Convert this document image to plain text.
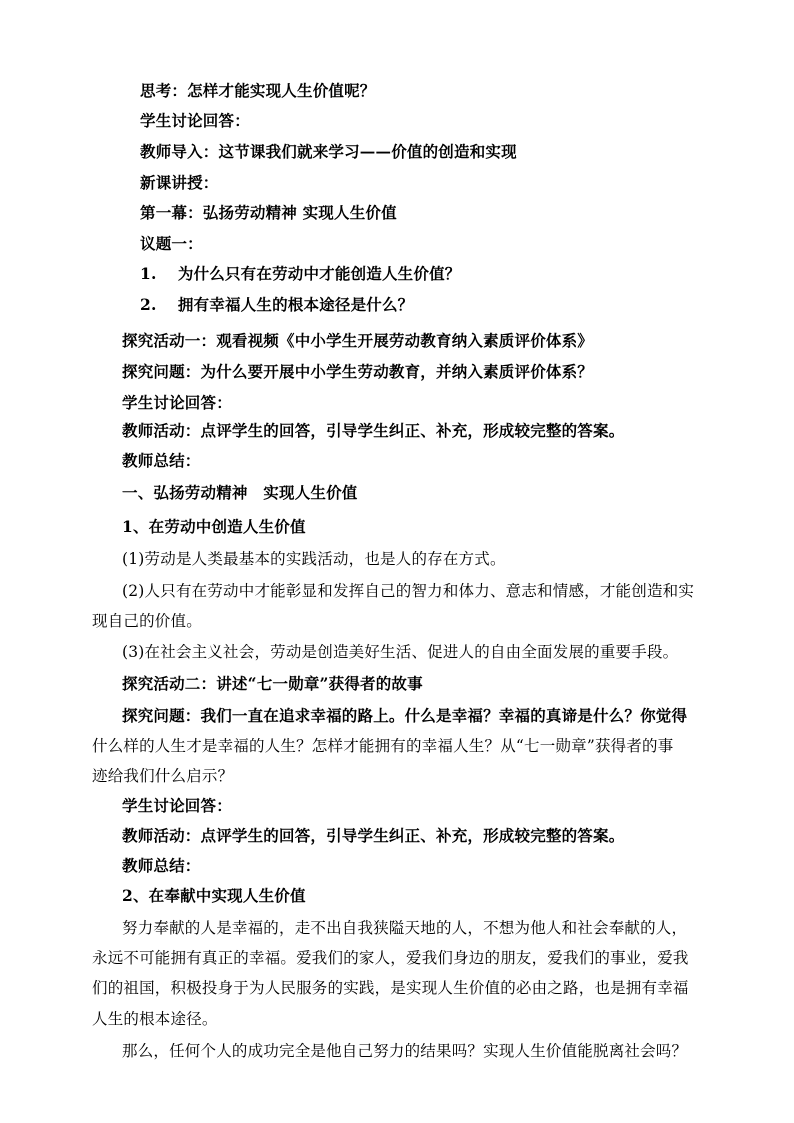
思考：怎样才能实现人生价值呢？
学生讨论回答：
教师导入：这节课我们就来学习——价值的创造和实现
新课讲授：
第一幕：弘扬劳动精神 实现人生价值
议题一：
1.　 为什么只有在劳动中才能创造人生价值？
2.　 拥有幸福人生的根本途径是什么？
探究活动一：观看视频《中小学生开展劳动教育纳入素质评价体系》
探究问题：为什么要开展中小学生劳动教育，并纳入素质评价体系？
学生讨论回答：
教师活动：点评学生的回答，引导学生纠正、补充，形成较完整的答案。
教师总结：
一、弘扬劳动精神　实现人生价值
1、在劳动中创造人生价值
(1)劳动是人类最基本的实践活动，也是人的存在方式。
(2)人只有在劳动中才能彰显和发挥自己的智力和体力、意志和情感，才能创造和实
现自己的价值。
(3)在社会主义社会，劳动是创造美好生活、促进人的自由全面发展的重要手段。
探究活动二：讲述“七一勋章”获得者的故事
探究问题：我们一直在追求幸福的路上。什么是幸福？幸福的真谛是什么？你觉得
什么样的人生才是幸福的人生？怎样才能拥有的幸福人生？从“七一勋章”获得者的事
迹给我们什么启示？
学生讨论回答：
教师活动：点评学生的回答，引导学生纠正、补充，形成较完整的答案。
教师总结：
2、在奉献中实现人生价值
努力奉献的人是幸福的，走不出自我狭隘天地的人，不想为他人和社会奉献的人，
永远不可能拥有真正的幸福。爱我们的家人，爱我们身边的朋友，爱我们的事业，爱我
们的祖国，积极投身于为人民服务的实践，是实现人生价值的必由之路，也是拥有幸福
人生的根本途径。
那么，任何个人的成功完全是他自己努力的结果吗？实现人生价值能脱离社会吗？
